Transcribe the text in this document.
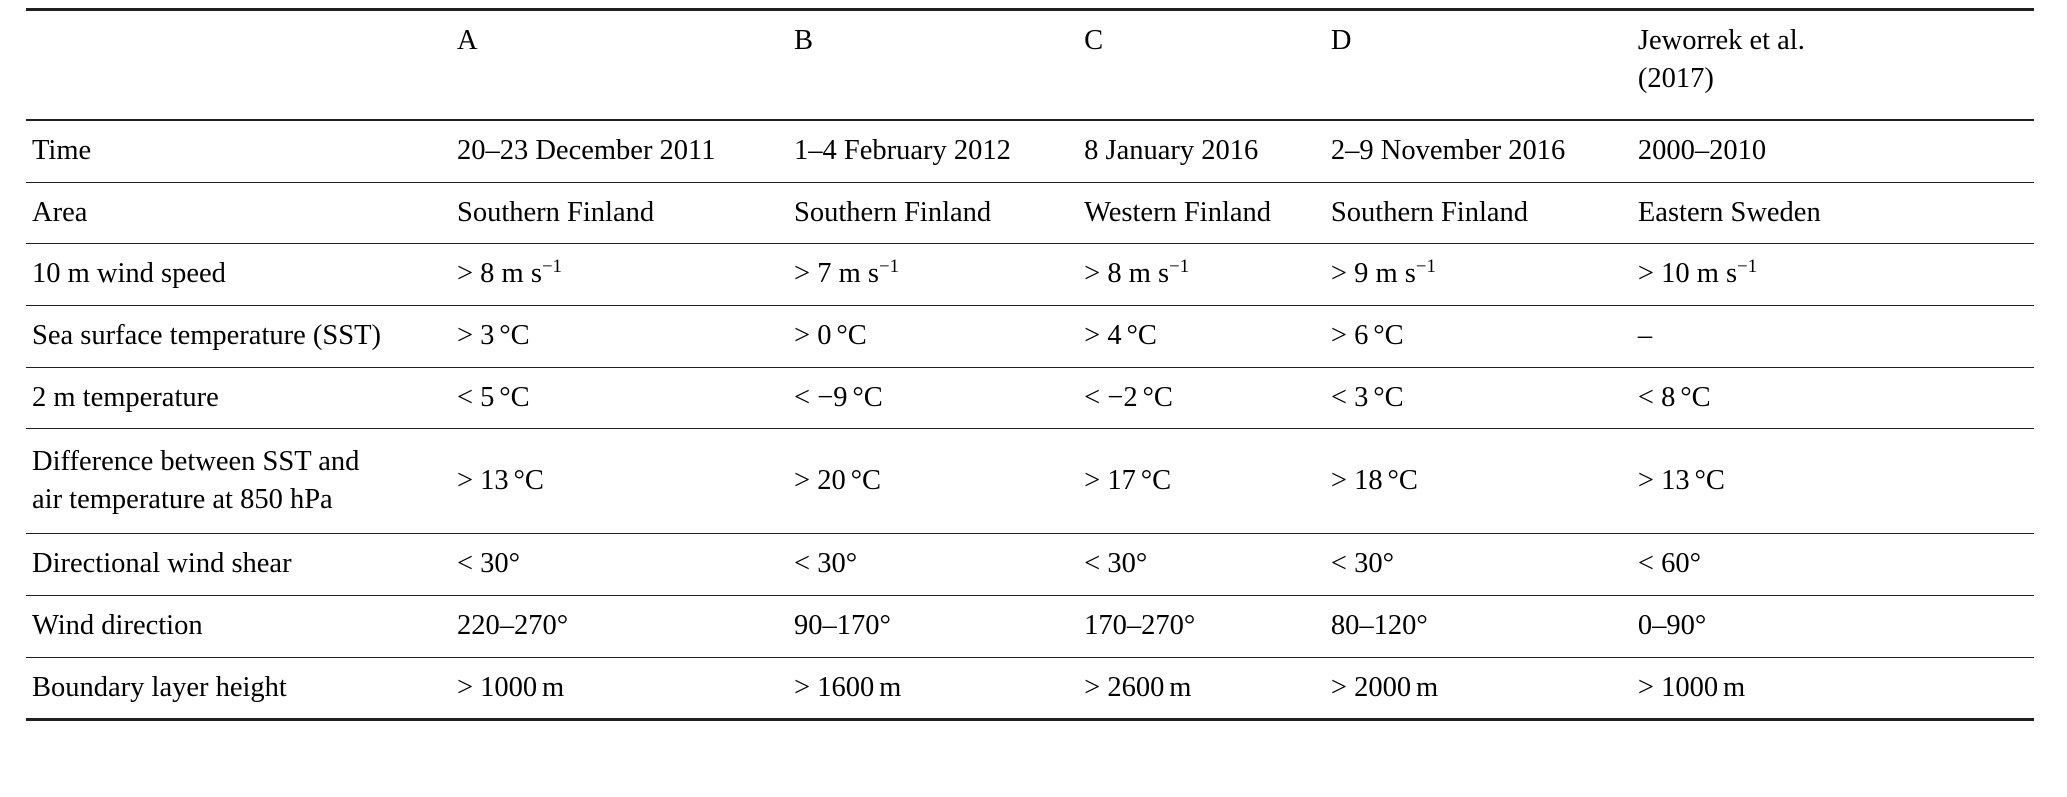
	A	B	C	D	Jeworrek et al.
(2017)

Time	20–23 December 2011	1–4 February 2012	8 January 2016	2–9 November 2016	2000–2010
Area	Southern Finland	Southern Finland	Western Finland	Southern Finland	Eastern Sweden
10 m wind speed	> 8 m $s^{-1}$	> 7 m $s^{-1}$	> 8 m $s^{-1}$	> 9 m $s^{-1}$	> 10 m $s^{-1}$
Sea surface temperature (SST)	> 3 °C	> 0 °C	> 4 °C	> 6 °C	–
2 m temperature	< 5 °C	< −9 °C	< −2 °C	< 3 °C	< 8 °C

Difference between SST and
air temperature at 850 hPa	> 13 °C	> 20 °C	> 17 °C	> 18 °C	> 13 °C
Directional wind shear	< 30°	< 30°	< 30°	< 30°	< 60°
Wind direction	220–270°	90–170°	170–270°	80–120°	0–90°
Boundary layer height	> 1000 m	> 1600 m	> 2600 m	> 2000 m	> 1000 m
